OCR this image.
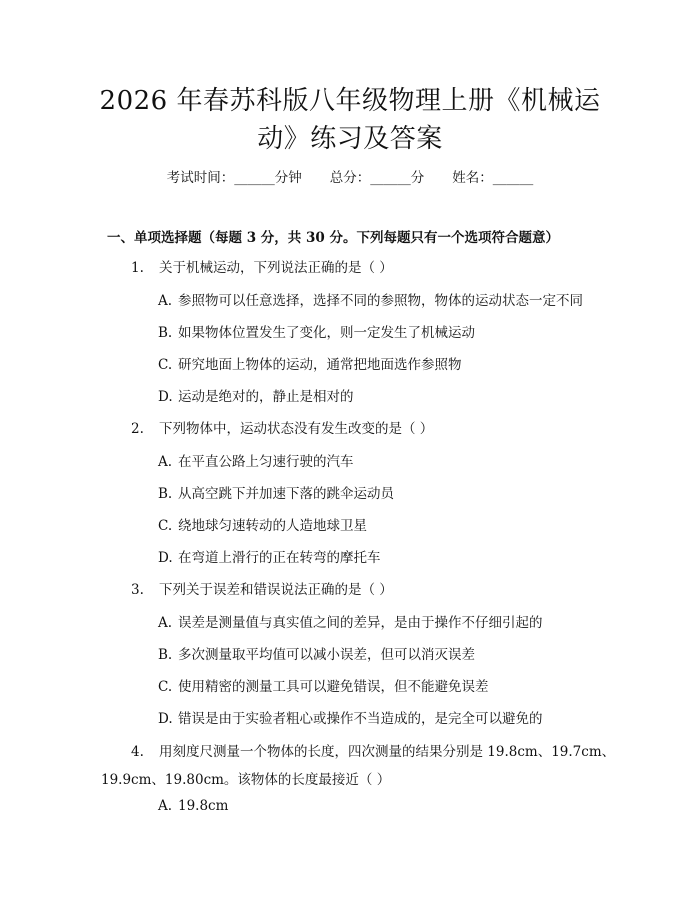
2026 年春苏科版八年级物理上册《机械运
动》练习及答案
考试时间：______分钟 总分：______分 姓名：______
一、单项选择题（每题 3 分，共 30 分。下列每题只有一个选项符合题意）
1. 关于机械运动，下列说法正确的是（ ）
A. 参照物可以任意选择，选择不同的参照物，物体的运动状态一定不同
B. 如果物体位置发生了变化，则一定发生了机械运动
C. 研究地面上物体的运动，通常把地面选作参照物
D. 运动是绝对的，静止是相对的
2. 下列物体中，运动状态没有发生改变的是（ ）
A. 在平直公路上匀速行驶的汽车
B. 从高空跳下并加速下落的跳伞运动员
C. 绕地球匀速转动的人造地球卫星
D. 在弯道上滑行的正在转弯的摩托车
3. 下列关于误差和错误说法正确的是（ ）
A. 误差是测量值与真实值之间的差异，是由于操作不仔细引起的
B. 多次测量取平均值可以减小误差，但可以消灭误差
C. 使用精密的测量工具可以避免错误，但不能避免误差
D. 错误是由于实验者粗心或操作不当造成的，是完全可以避免的
4. 用刻度尺测量一个物体的长度，四次测量的结果分别是 19.8cm、19.7cm、19.9cm、19.80cm。该物体的长度最接近（ ）
A. 19.8cm
